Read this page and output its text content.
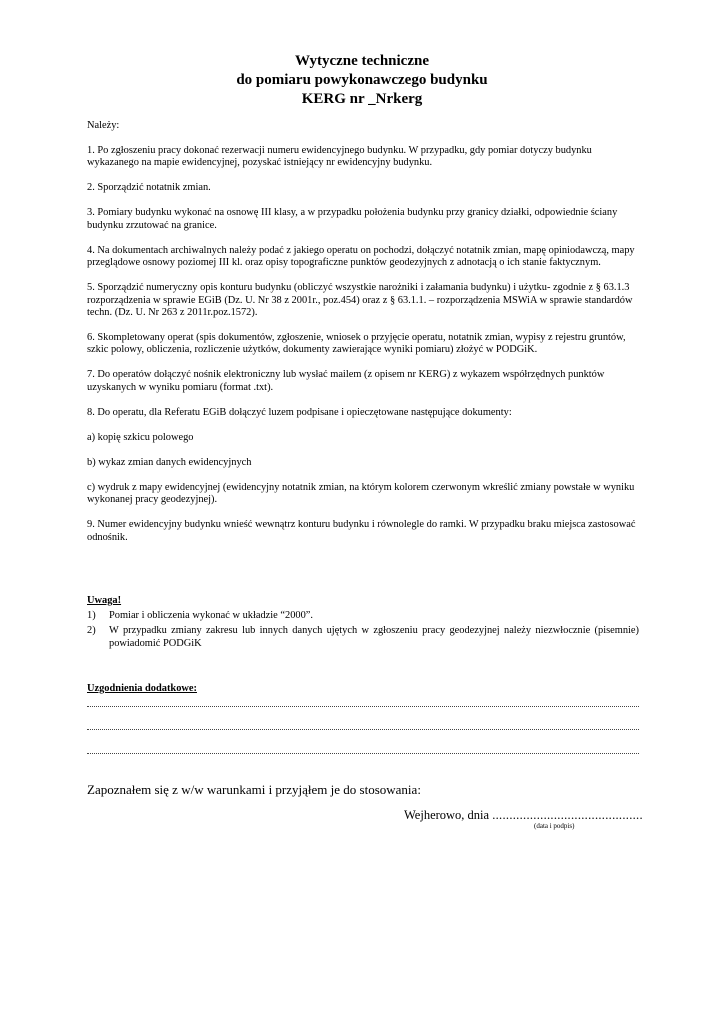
Wytyczne techniczne
do pomiaru powykonawczego budynku
KERG nr _Nrkerg

Należy:

1. Po zgłoszeniu pracy dokonać rezerwacji numeru ewidencyjnego budynku. W przypadku, gdy pomiar dotyczy budynku wykazanego na mapie ewidencyjnej, pozyskać istniejący nr ewidencyjny budynku.

2. Sporządzić notatnik zmian.

3. Pomiary budynku wykonać na osnowę III klasy, a w przypadku położenia budynku przy granicy działki, odpowiednie ściany budynku zrzutować na granice.

4. Na dokumentach archiwalnych należy podać z jakiego operatu on pochodzi, dołączyć notatnik zmian, mapę opiniodawczą, mapy przeglądowe osnowy poziomej III kl. oraz opisy topograficzne punktów geodezyjnych z adnotacją o ich stanie faktycznym.

5. Sporządzić numeryczny opis konturu budynku (obliczyć wszystkie narożniki i załamania budynku) i użytku- zgodnie z § 63.1.3 rozporządzenia w sprawie EGiB (Dz. U. Nr 38 z 2001r., poz.454) oraz z § 63.1.1. – rozporządzenia MSWiA w sprawie standardów techn. (Dz. U. Nr 263 z 2011r.poz.1572).

6. Skompletowany operat (spis dokumentów, zgłoszenie, wniosek o przyjęcie operatu, notatnik zmian, wypisy z rejestru gruntów, szkic polowy, obliczenia, rozliczenie użytków, dokumenty zawierające wyniki pomiaru) złożyć w PODGiK.

7. Do operatów dołączyć nośnik elektroniczny lub wysłać mailem (z opisem nr KERG) z wykazem współrzędnych punktów uzyskanych w wyniku pomiaru (format .txt).

8. Do operatu, dla Referatu EGiB dołączyć luzem podpisane i opieczętowane następujące dokumenty:

a) kopię szkicu polowego

b) wykaz zmian danych ewidencyjnych

c) wydruk z mapy ewidencyjnej (ewidencyjny notatnik zmian, na którym kolorem czerwonym wkreślić zmiany powstałe w wyniku wykonanej pracy geodezyjnej).

9. Numer ewidencyjny budynku wnieść wewnątrz konturu budynku i równolegle do ramki. W przypadku braku miejsca zastosować odnośnik.

Uwaga!
1)	Pomiar i obliczenia wykonać w układzie “2000”.
2)	W przypadku zmiany zakresu lub innych danych ujętych w zgłoszeniu pracy geodezyjnej należy niezwłocznie (pisemnie) powiadomić PODGiK
Uzgodnienia dodatkowe:
Zapoznałem się z w/w warunkami i przyjąłem je do stosowania:
Wejherowo, dnia ............................................
(data i podpis)
